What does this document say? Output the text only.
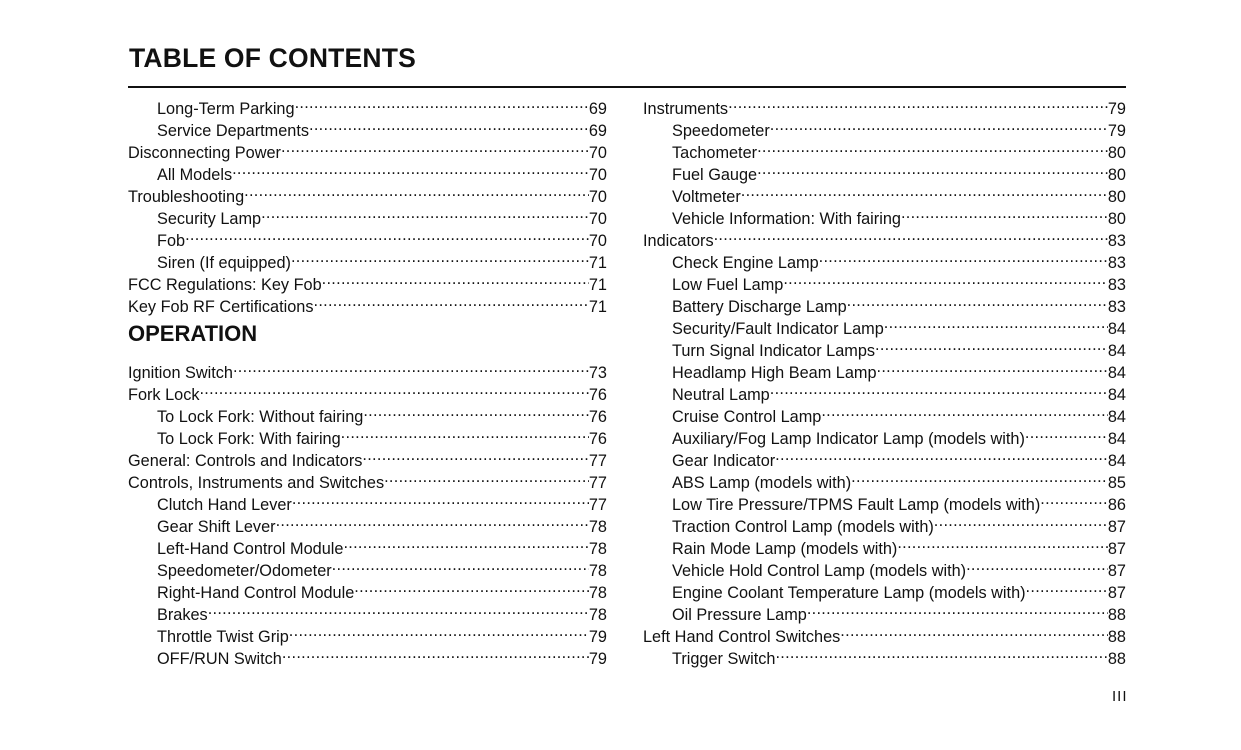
TABLE OF CONTENTS
Long-Term Parking .....	69
Service Departments .....	69
Disconnecting Power .....	70
All Models .....	70
Troubleshooting .....	70
Security Lamp .....	70
Fob .....	70
Siren (If equipped) .....	71
FCC Regulations: Key Fob .....	71
Key Fob RF Certifications .....	71
OPERATION
Ignition Switch .....	73
Fork Lock .....	76
To Lock Fork: Without fairing .....	76
To Lock Fork: With fairing .....	76
General: Controls and Indicators .....	77
Controls, Instruments and Switches .....	77
Clutch Hand Lever .....	77
Gear Shift Lever .....	78
Left-Hand Control Module .....	78
Speedometer/Odometer .....	78
Right-Hand Control Module .....	78
Brakes .....	78
Throttle Twist Grip .....	79
OFF/RUN Switch .....	79
Instruments .....	79
Speedometer .....	79
Tachometer .....	80
Fuel Gauge .....	80
Voltmeter .....	80
Vehicle Information: With fairing .....	80
Indicators .....	83
Check Engine Lamp .....	83
Low Fuel Lamp .....	83
Battery Discharge Lamp .....	83
Security/Fault Indicator Lamp .....	84
Turn Signal Indicator Lamps .....	84
Headlamp High Beam Lamp .....	84
Neutral Lamp .....	84
Cruise Control Lamp .....	84
Auxiliary/Fog Lamp Indicator Lamp (models with) .....	84
Gear Indicator .....	84
ABS Lamp (models with) .....	85
Low Tire Pressure/TPMS Fault Lamp (models with) .....	86
Traction Control Lamp (models with) .....	87
Rain Mode Lamp (models with) .....	87
Vehicle Hold Control Lamp (models with) .....	87
Engine Coolant Temperature Lamp (models with) .....	87
Oil Pressure Lamp .....	88
Left Hand Control Switches .....	88
Trigger Switch .....	88
III
